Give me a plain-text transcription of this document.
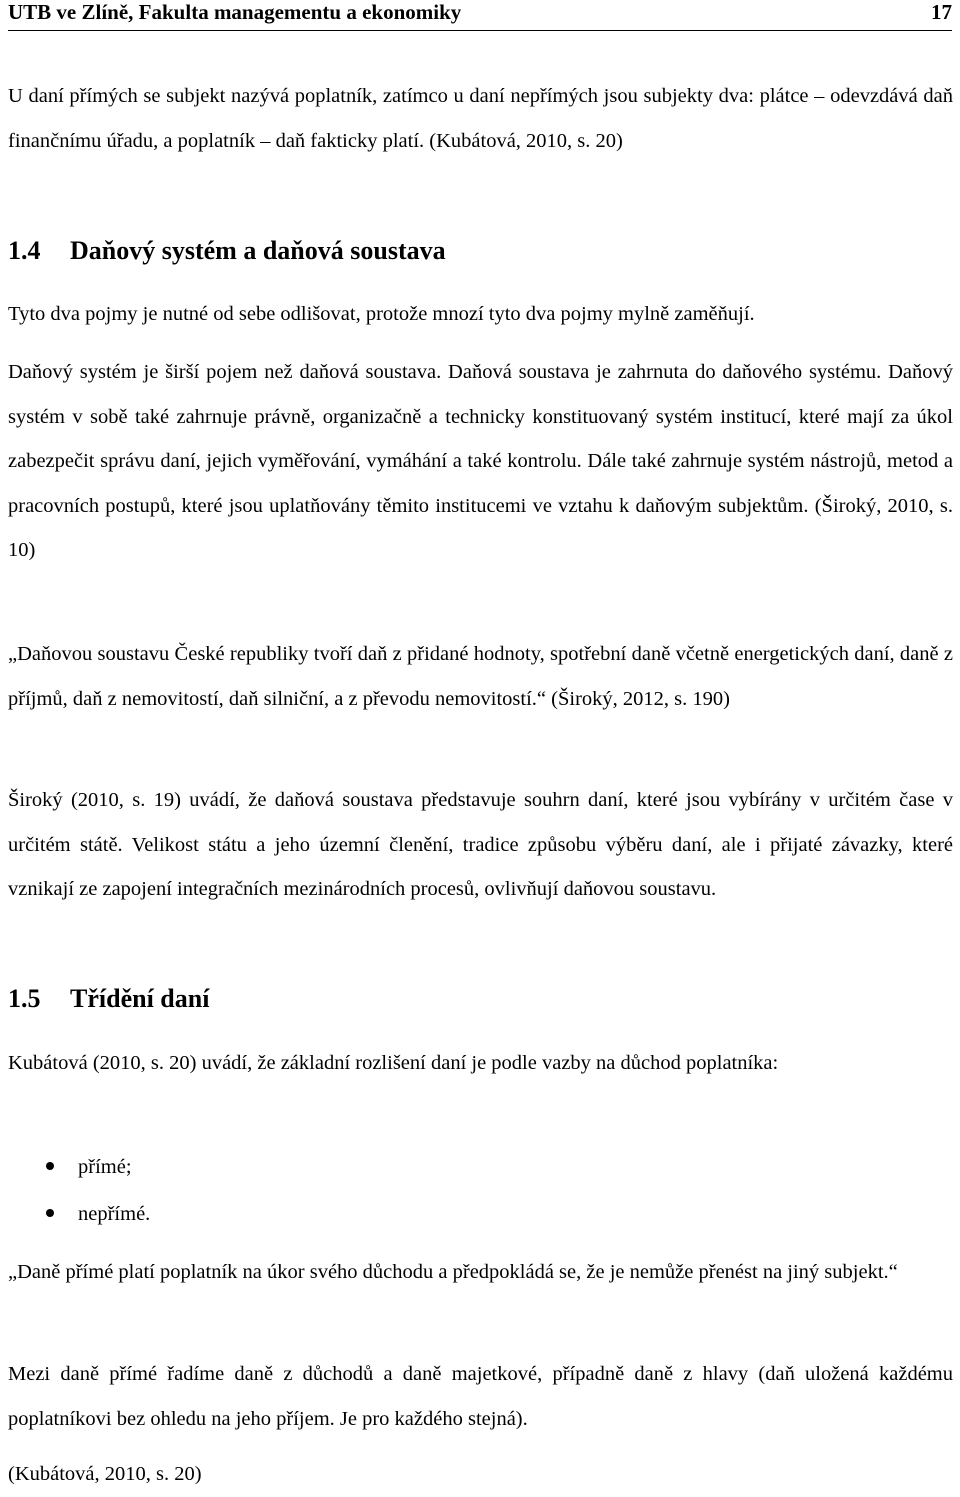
UTB ve Zlíně, Fakulta managementu a ekonomiky	17

U daní přímých se subjekt nazývá poplatník, zatímco u daní nepřímých jsou subjekty dva: plátce – odevzdává daň finančnímu úřadu, a poplatník – daň fakticky platí. (Kubátová, 2010, s. 20)

1.4 Daňový systém a daňová soustava

Tyto dva pojmy je nutné od sebe odlišovat, protože mnozí tyto dva pojmy mylně zaměňují.

Daňový systém je širší pojem než daňová soustava. Daňová soustava je zahrnuta do daňového systému. Daňový systém v sobě také zahrnuje právně, organizačně a technicky konstituovaný systém institucí, které mají za úkol zabezpečit správu daní, jejich vyměřování, vymáhání a také kontrolu. Dále také zahrnuje systém nástrojů, metod a pracovních postupů, které jsou uplatňovány těmito institucemi ve vztahu k daňovým subjektům. (Široký, 2010, s. 10)

„Daňovou soustavu České republiky tvoří daň z přidané hodnoty, spotřební daně včetně energetických daní, daně z příjmů, daň z nemovitostí, daň silniční, a z převodu nemovitostí.“ (Široký, 2012, s. 190)

Široký (2010, s. 19) uvádí, že daňová soustava představuje souhrn daní, které jsou vybírány v určitém čase v určitém státě. Velikost státu a jeho územní členění, tradice způsobu výběru daní, ale i přijaté závazky, které vznikají ze zapojení integračních mezinárodních procesů, ovlivňují daňovou soustavu.

1.5 Třídění daní

Kubátová (2010, s. 20) uvádí, že základní rozlišení daní je podle vazby na důchod poplatníka:

přímé;
nepřímé.

„Daně přímé platí poplatník na úkor svého důchodu a předpokládá se, že je nemůže přenést na jiný subjekt.“

Mezi daně přímé řadíme daně z důchodů a daně majetkové, případně daně z hlavy (daň uložená každému poplatníkovi bez ohledu na jeho příjem. Je pro každého stejná).

(Kubátová, 2010, s. 20)
